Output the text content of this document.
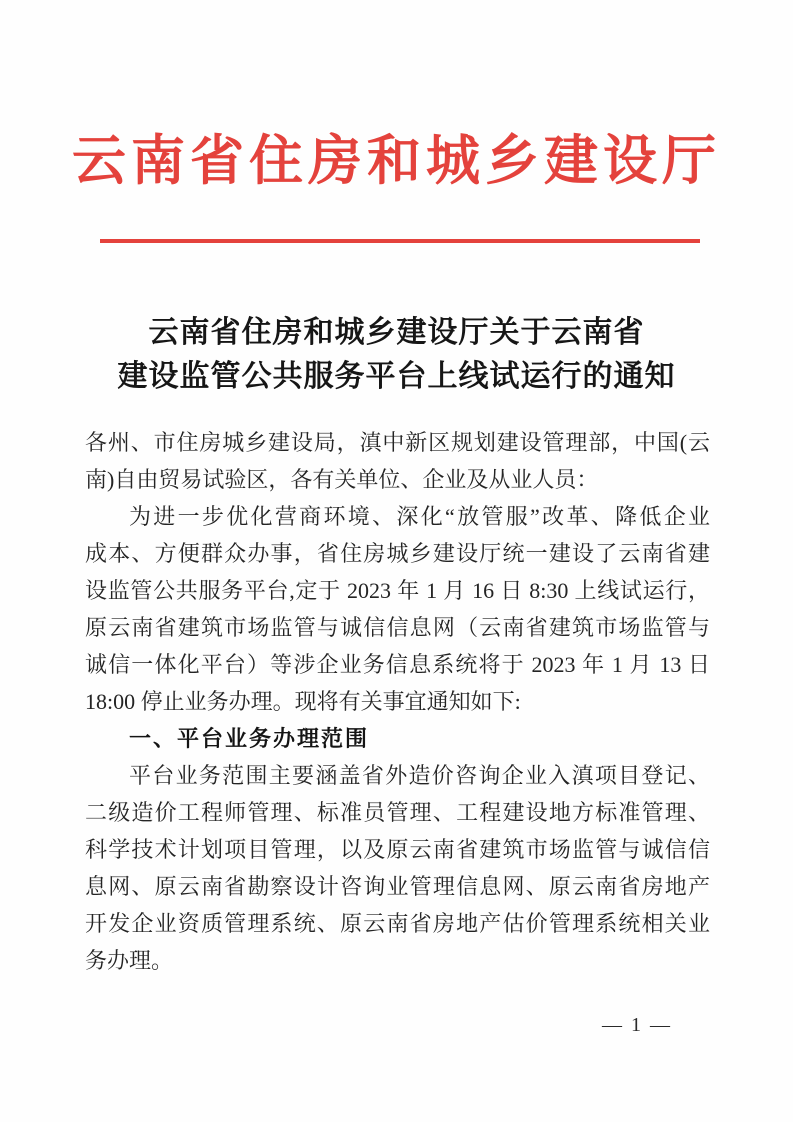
云南省住房和城乡建设厅
云南省住房和城乡建设厅关于云南省
建设监管公共服务平台上线试运行的通知
各州、市住房城乡建设局，滇中新区规划建设管理部，中国(云
南)自由贸易试验区，各有关单位、企业及从业人员：
为进一步优化营商环境、深化“放管服”改革、降低企业
成本、方便群众办事，省住房城乡建设厅统一建设了云南省建
设监管公共服务平台,定于 2023 年 1 月 16 日 8:30 上线试运行，
原云南省建筑市场监管与诚信信息网（云南省建筑市场监管与
诚信一体化平台）等涉企业务信息系统将于 2023 年 1 月 13 日
18:00 停止业务办理。现将有关事宜通知如下:
一、平台业务办理范围
平台业务范围主要涵盖省外造价咨询企业入滇项目登记、
二级造价工程师管理、标准员管理、工程建设地方标准管理、
科学技术计划项目管理，以及原云南省建筑市场监管与诚信信
息网、原云南省勘察设计咨询业管理信息网、原云南省房地产
开发企业资质管理系统、原云南省房地产估价管理系统相关业
务办理。
— 1 —
